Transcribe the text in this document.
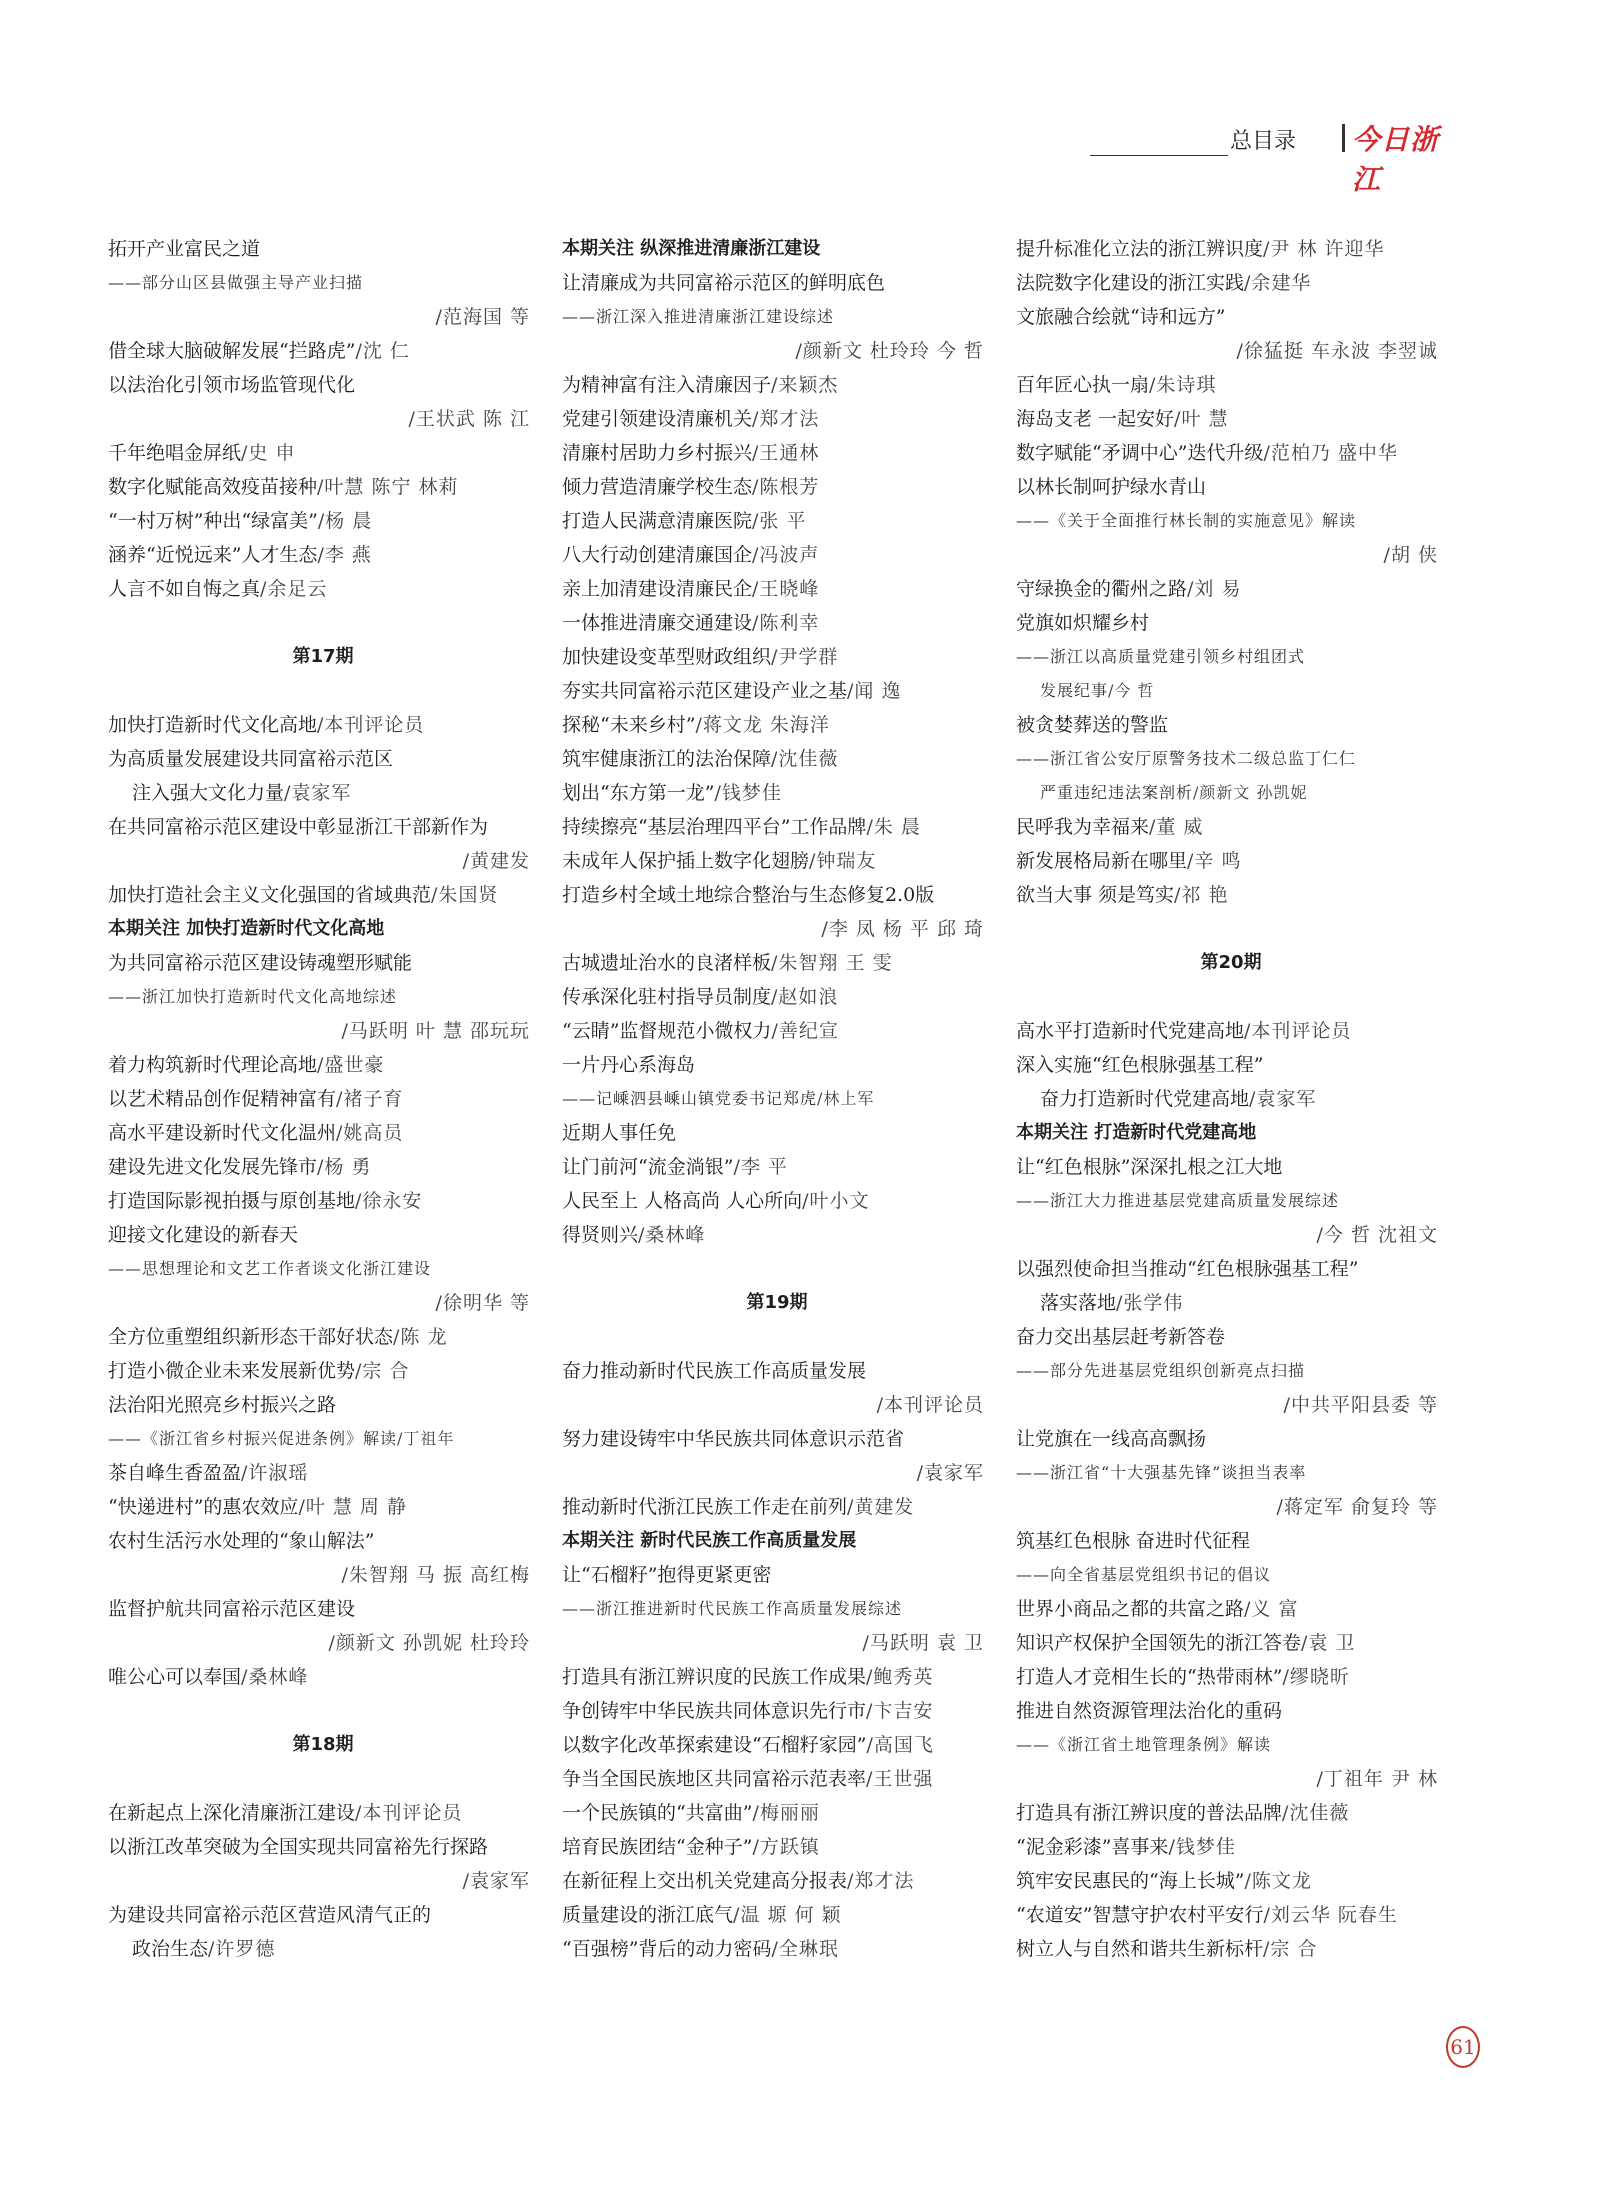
总目录 今日浙江
拓开产业富民之道
——部分山区县做强主导产业扫描
/范海国 等
借全球大脑破解发展“拦路虎”/沈 仁
以法治化引领市场监管现代化
/王状武 陈 江
千年绝唱金屏纸/史 申
数字化赋能高效疫苗接种/叶慧 陈宁 林莉
“一村万树”种出“绿富美”/杨 晨
涵养“近悦远来”人才生态/李 燕
人言不如自悔之真/余足云
第17期
加快打造新时代文化高地/本刊评论员
为高质量发展建设共同富裕示范区
注入强大文化力量/袁家军
在共同富裕示范区建设中彰显浙江干部新作为
/黄建发
加快打造社会主义文化强国的省域典范/朱国贤
本期关注 加快打造新时代文化高地
为共同富裕示范区建设铸魂塑形赋能
——浙江加快打造新时代文化高地综述
/马跃明 叶 慧 邵玩玩
着力构筑新时代理论高地/盛世豪
以艺术精品创作促精神富有/褚子育
高水平建设新时代文化温州/姚高员
建设先进文化发展先锋市/杨 勇
打造国际影视拍摄与原创基地/徐永安
迎接文化建设的新春天
——思想理论和文艺工作者谈文化浙江建设
/徐明华 等
全方位重塑组织新形态干部好状态/陈 龙
打造小微企业未来发展新优势/宗 合
法治阳光照亮乡村振兴之路
——《浙江省乡村振兴促进条例》解读/丁祖年
茶自峰生香盈盈/许淑瑶
“快递进村”的惠农效应/叶 慧 周 静
农村生活污水处理的“象山解法”
/朱智翔 马 振 高红梅
监督护航共同富裕示范区建设
/颜新文 孙凯妮 杜玲玲
唯公心可以奉国/桑林峰
第18期
在新起点上深化清廉浙江建设/本刊评论员
以浙江改革突破为全国实现共同富裕先行探路
/袁家军
为建设共同富裕示范区营造风清气正的
政治生态/许罗德
本期关注 纵深推进清廉浙江建设
让清廉成为共同富裕示范区的鲜明底色
——浙江深入推进清廉浙江建设综述
/颜新文 杜玲玲 今 哲
为精神富有注入清廉因子/来颖杰
党建引领建设清廉机关/郑才法
清廉村居助力乡村振兴/王通林
倾力营造清廉学校生态/陈根芳
打造人民满意清廉医院/张 平
八大行动创建清廉国企/冯波声
亲上加清建设清廉民企/王晓峰
一体推进清廉交通建设/陈利幸
加快建设变革型财政组织/尹学群
夯实共同富裕示范区建设产业之基/闻 逸
探秘“未来乡村”/蒋文龙 朱海洋
筑牢健康浙江的法治保障/沈佳薇
划出“东方第一龙”/钱梦佳
持续擦亮“基层治理四平台”工作品牌/朱 晨
未成年人保护插上数字化翅膀/钟瑞友
打造乡村全域土地综合整治与生态修复2.0版
/李 凤 杨 平 邱 琦
古城遗址治水的良渚样板/朱智翔 王 雯
传承深化驻村指导员制度/赵如浪
“云睛”监督规范小微权力/善纪宣
一片丹心系海岛
——记嵊泗县嵊山镇党委书记郑虎/林上军
近期人事任免
让门前河“流金淌银”/李 平
人民至上 人格高尚 人心所向/叶小文
得贤则兴/桑林峰
第19期
奋力推动新时代民族工作高质量发展
/本刊评论员
努力建设铸牢中华民族共同体意识示范省
/袁家军
推动新时代浙江民族工作走在前列/黄建发
本期关注 新时代民族工作高质量发展
让“石榴籽”抱得更紧更密
——浙江推进新时代民族工作高质量发展综述
/马跃明 袁 卫
打造具有浙江辨识度的民族工作成果/鲍秀英
争创铸牢中华民族共同体意识先行市/卞吉安
以数字化改革探索建设“石榴籽家园”/高国飞
争当全国民族地区共同富裕示范表率/王世强
一个民族镇的“共富曲”/梅丽丽
培育民族团结“金种子”/方跃镇
在新征程上交出机关党建高分报表/郑才法
质量建设的浙江底气/温 塬 何 颖
“百强榜”背后的动力密码/全琳珉
提升标准化立法的浙江辨识度/尹 林 许迎华
法院数字化建设的浙江实践/余建华
文旅融合绘就“诗和远方”
/徐猛挺 车永波 李翌诚
百年匠心执一扇/朱诗琪
海岛支老 一起安好/叶 慧
数字赋能“矛调中心”迭代升级/范柏乃 盛中华
以林长制呵护绿水青山
——《关于全面推行林长制的实施意见》解读
/胡 侠
守绿换金的衢州之路/刘 易
党旗如炽耀乡村
——浙江以高质量党建引领乡村组团式
发展纪事/今 哲
被贪婪葬送的警监
——浙江省公安厅原警务技术二级总监丁仁仁
严重违纪违法案剖析/颜新文 孙凯妮
民呼我为幸福来/董 威
新发展格局新在哪里/辛 鸣
欲当大事 须是笃实/祁 艳
第20期
高水平打造新时代党建高地/本刊评论员
深入实施“红色根脉强基工程”
奋力打造新时代党建高地/袁家军
本期关注 打造新时代党建高地
让“红色根脉”深深扎根之江大地
——浙江大力推进基层党建高质量发展综述
/今 哲 沈祖文
以强烈使命担当推动“红色根脉强基工程”
落实落地/张学伟
奋力交出基层赶考新答卷
——部分先进基层党组织创新亮点扫描
/中共平阳县委 等
让党旗在一线高高飘扬
——浙江省“十大强基先锋”谈担当表率
/蒋定军 俞复玲 等
筑基红色根脉 奋进时代征程
——向全省基层党组织书记的倡议
世界小商品之都的共富之路/义 富
知识产权保护全国领先的浙江答卷/袁 卫
打造人才竞相生长的“热带雨林”/缪晓昕
推进自然资源管理法治化的重码
——《浙江省土地管理条例》解读
/丁祖年 尹 林
打造具有浙江辨识度的普法品牌/沈佳薇
“泥金彩漆”喜事来/钱梦佳
筑牢安民惠民的“海上长城”/陈文龙
“农道安”智慧守护农村平安行/刘云华 阮春生
树立人与自然和谐共生新标杆/宗 合
61
